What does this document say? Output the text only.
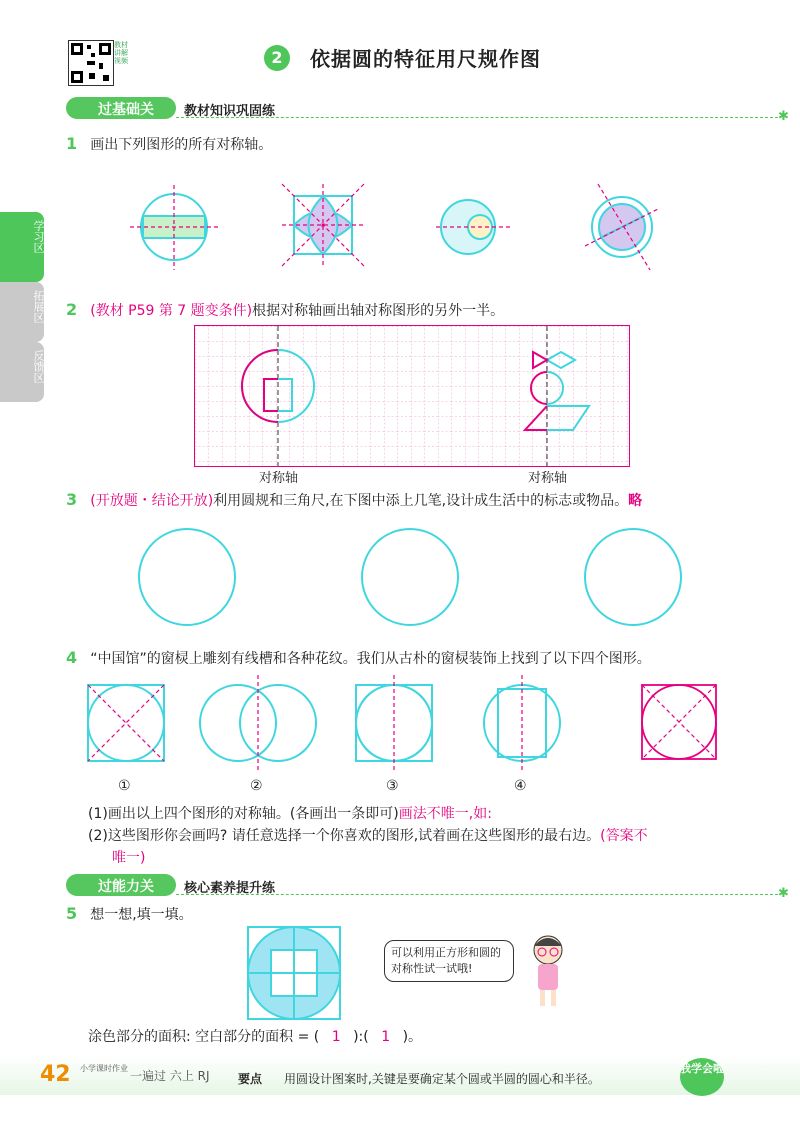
教材讲解视频	2	依据圆的特征用尺规作图
学习区
拓展区
反馈区
过基础关 教材知识巩固练	✱
1 画出下列图形的所有对称轴。
2 (教材 P59 第 7 题变条件)根据对称轴画出轴对称图形的另外一半。
对称轴	对称轴
3 (开放题・结论开放)利用圆规和三角尺,在下图中添上几笔,设计成生活中的标志或物品。略
4 “中国馆”的窗棂上雕刻有线槽和各种花纹。我们从古朴的窗棂装饰上找到了以下四个图形。
①	②	③	④
(1)画出以上四个图形的对称轴。(各画出一条即可)画法不唯一,如:
(2)这些图形你会画吗? 请任意选择一个你喜欢的图形,试着画在这些图形的最右边。(答案不
唯一)
过能力关 核心素养提升练	✱
5 想一想,填一填。
可以利用正方形和圆的对称性试一试哦!
涂色部分的面积: 空白部分的面积 = ( 1 ):( 1 )。
42 小学课时作业
一遍过 六上 RJ 要点 用圆设计图案时,关键是要确定某个圆或半圆的圆心和半径。
我学会啦
